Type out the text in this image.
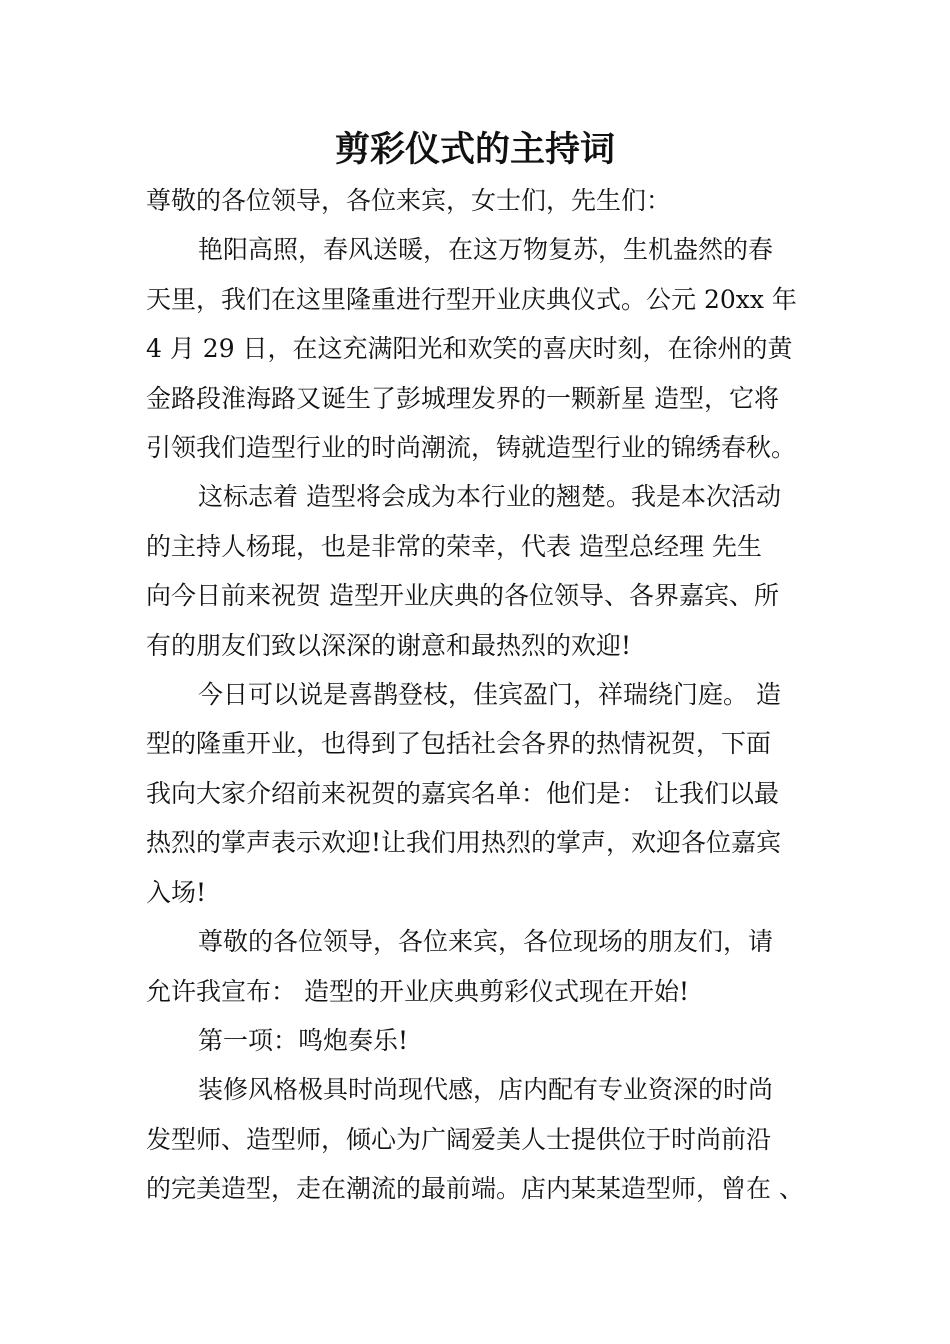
剪彩仪式的主持词

尊敬的各位领导，各位来宾，女士们，先生们：

艳阳高照，春风送暖，在这万物复苏，生机盎然的春
天里，我们在这里隆重进行型开业庆典仪式。公元 20xx 年
4 月 29 日，在这充满阳光和欢笑的喜庆时刻，在徐州的黄
金路段淮海路又诞生了彭城理发界的一颗新星 造型，它将
引领我们造型行业的时尚潮流，铸就造型行业的锦绣春秋。

这标志着 造型将会成为本行业的翘楚。我是本次活动
的主持人杨琨，也是非常的荣幸，代表 造型总经理 先生
向今日前来祝贺 造型开业庆典的各位领导、各界嘉宾、所
有的朋友们致以深深的谢意和最热烈的欢迎!

今日可以说是喜鹊登枝，佳宾盈门，祥瑞绕门庭。 造
型的隆重开业，也得到了包括社会各界的热情祝贺，下面
我向大家介绍前来祝贺的嘉宾名单：他们是： 让我们以最
热烈的掌声表示欢迎!让我们用热烈的掌声，欢迎各位嘉宾
入场!

尊敬的各位领导，各位来宾，各位现场的朋友们，请
允许我宣布： 造型的开业庆典剪彩仪式现在开始!

第一项：鸣炮奏乐!

装修风格极具时尚现代感，店内配有专业资深的时尚
发型师、造型师，倾心为广阔爱美人士提供位于时尚前沿
的完美造型，走在潮流的最前端。店内某某造型师，曾在 、
